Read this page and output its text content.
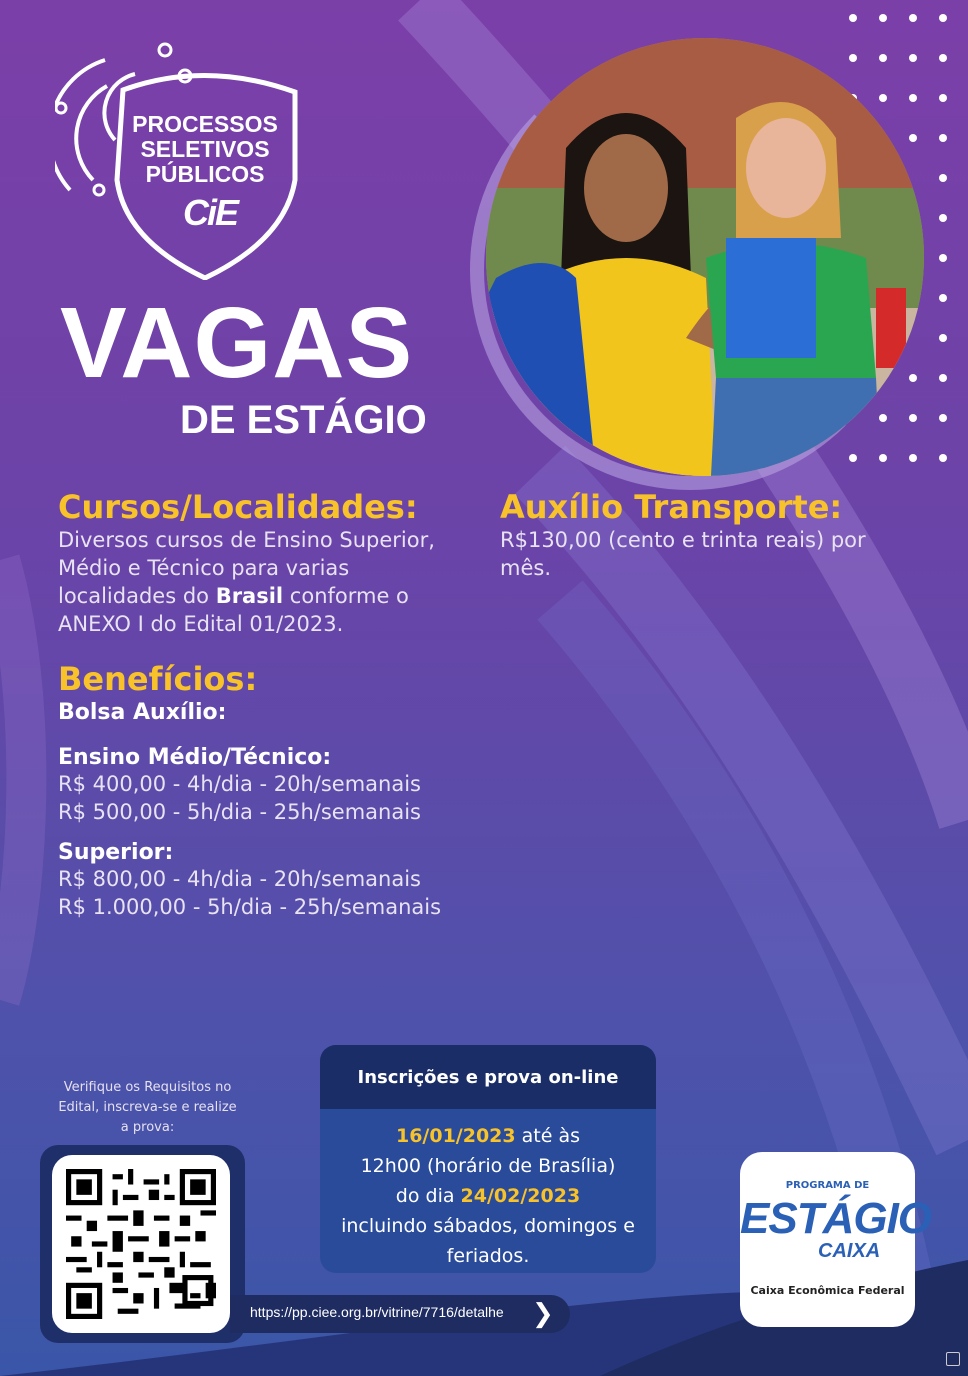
PROCESSOS
SELETIVOS
PÚBLICOS
CiE
VAGAS
DE ESTÁGIO
Cursos/Localidades:
Diversos cursos de Ensino Superior,
Médio e Técnico para varias
localidades do Brasil conforme o
ANEXO I do Edital 01/2023.
Auxílio Transporte:
R$130,00 (cento e trinta reais) por
mês.
Benefícios:
Bolsa Auxílio:
Ensino Médio/Técnico:
R$ 400,00 - 4h/dia - 20h/semanais
R$ 500,00 - 5h/dia - 25h/semanais
Superior:
R$ 800,00 - 4h/dia - 20h/semanais
R$ 1.000,00 - 5h/dia - 25h/semanais
Verifique os Requisitos no Edital, inscreva-se e realize a prova:
https://pp.ciee.org.br/vitrine/7716/detalhe ❯
Inscrições e prova on-line
16/01/2023 até às
12h00 (horário de Brasília)
do dia 24/02/2023
incluindo sábados, domingos e
feriados.
PROGRAMA DE
ESTÁGIO
CAIXA
Caixa Econômica Federal
